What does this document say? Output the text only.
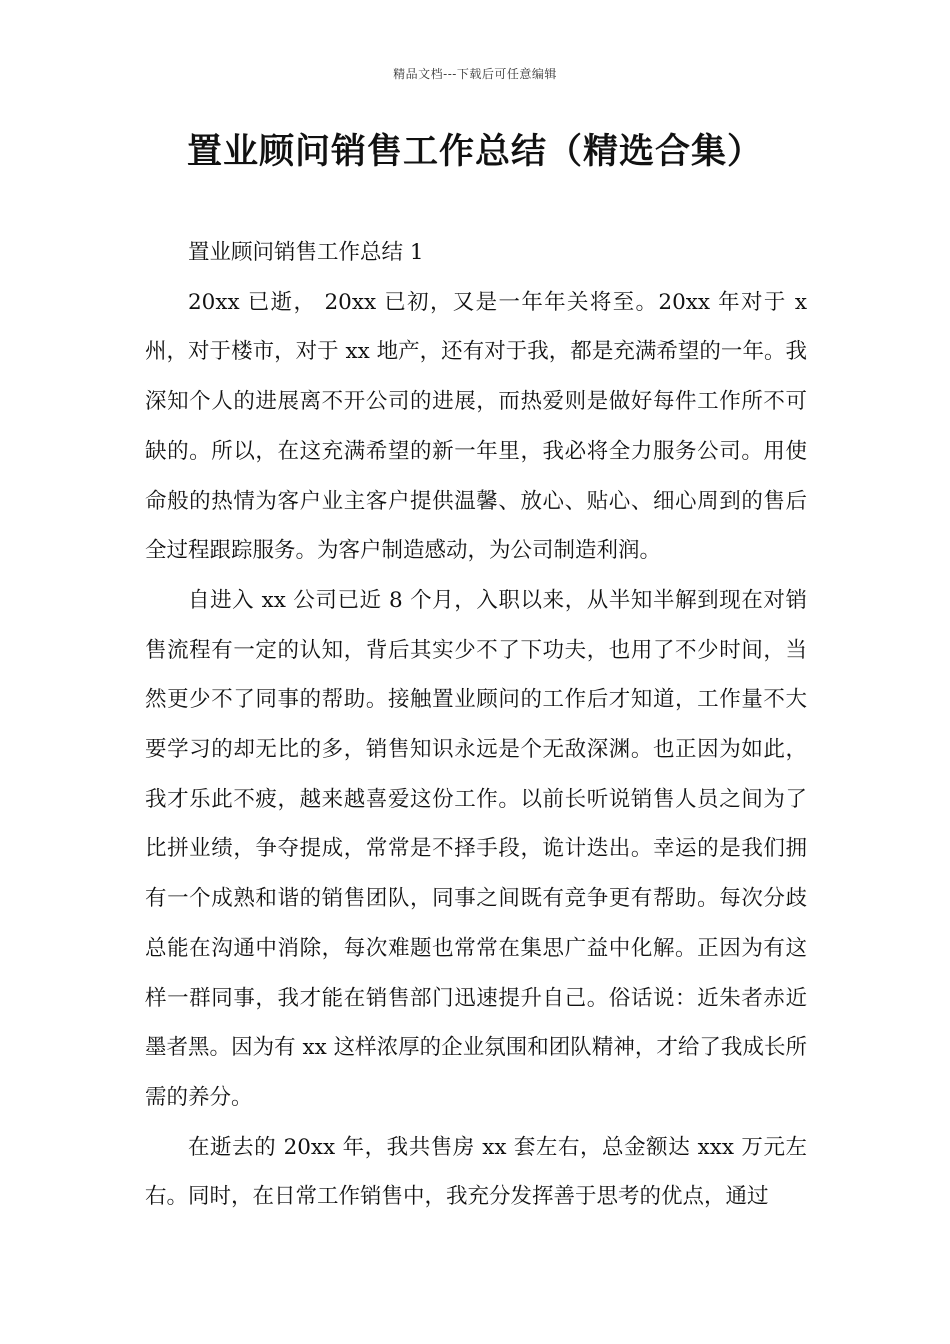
精品文档---下载后可任意编辑
置业顾问销售工作总结（精选合集）

置业顾问销售工作总结 1

20xx 已逝， 20xx 已初，又是一年年关将至。20xx 年对于 x 州，对于楼市，对于 xx 地产，还有对于我，都是充满希望的一年。我深知个人的进展离不开公司的进展，而热爱则是做好每件工作所不可缺的。所以，在这充满希望的新一年里，我必将全力服务公司。用使命般的热情为客户业主客户提供温馨、放心、贴心、细心周到的售后全过程跟踪服务。为客户制造感动，为公司制造利润。

自进入 xx 公司已近 8 个月，入职以来，从半知半解到现在对销售流程有一定的认知，背后其实少不了下功夫，也用了不少时间，当然更少不了同事的帮助。接触置业顾问的工作后才知道，工作量不大要学习的却无比的多，销售知识永远是个无敌深渊。也正因为如此，我才乐此不疲，越来越喜爱这份工作。以前长听说销售人员之间为了比拼业绩，争夺提成，常常是不择手段，诡计迭出。幸运的是我们拥有一个成熟和谐的销售团队，同事之间既有竞争更有帮助。每次分歧总能在沟通中消除，每次难题也常常在集思广益中化解。正因为有这样一群同事，我才能在销售部门迅速提升自己。俗话说：近朱者赤近墨者黑。因为有 xx 这样浓厚的企业氛围和团队精神，才给了我成长所需的养分。

在逝去的 20xx 年，我共售房 xx 套左右，总金额达 xxx 万元左右。同时，在日常工作销售中，我充分发挥善于思考的优点，通过
